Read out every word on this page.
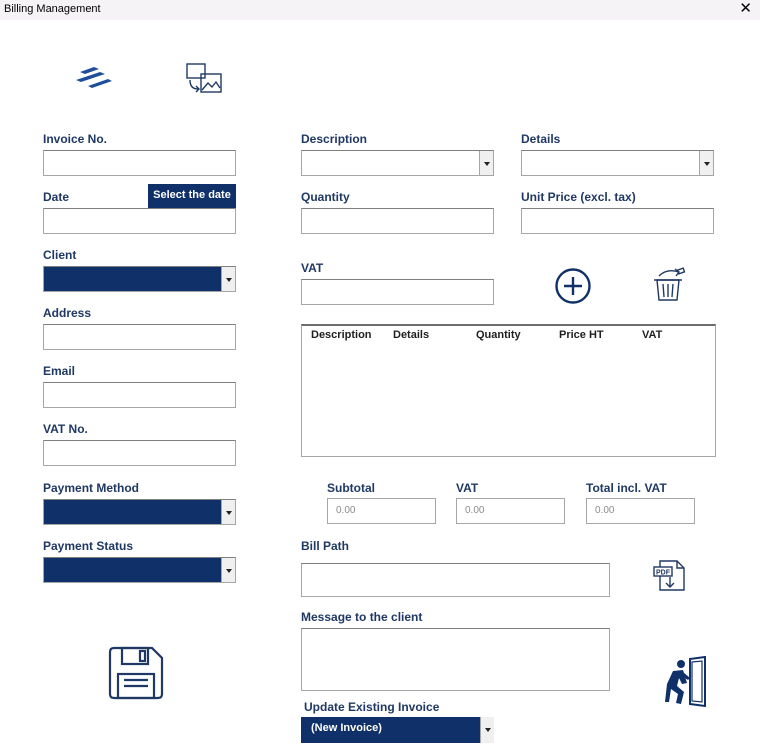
Billing Management	✕
Invoice No.
Date	Select the date
Client
Address
Email
VAT No.
Payment Method
Payment Status
Description	Details
Quantity	Unit Price (excl. tax)
VAT
Description Details	Quantity	Price HT	VAT
Subtotal
0.00
VAT
0.00
Total incl. VAT
0.00
Bill Path
PDF
Message to the client
Update Existing Invoice
(New Invoice)
